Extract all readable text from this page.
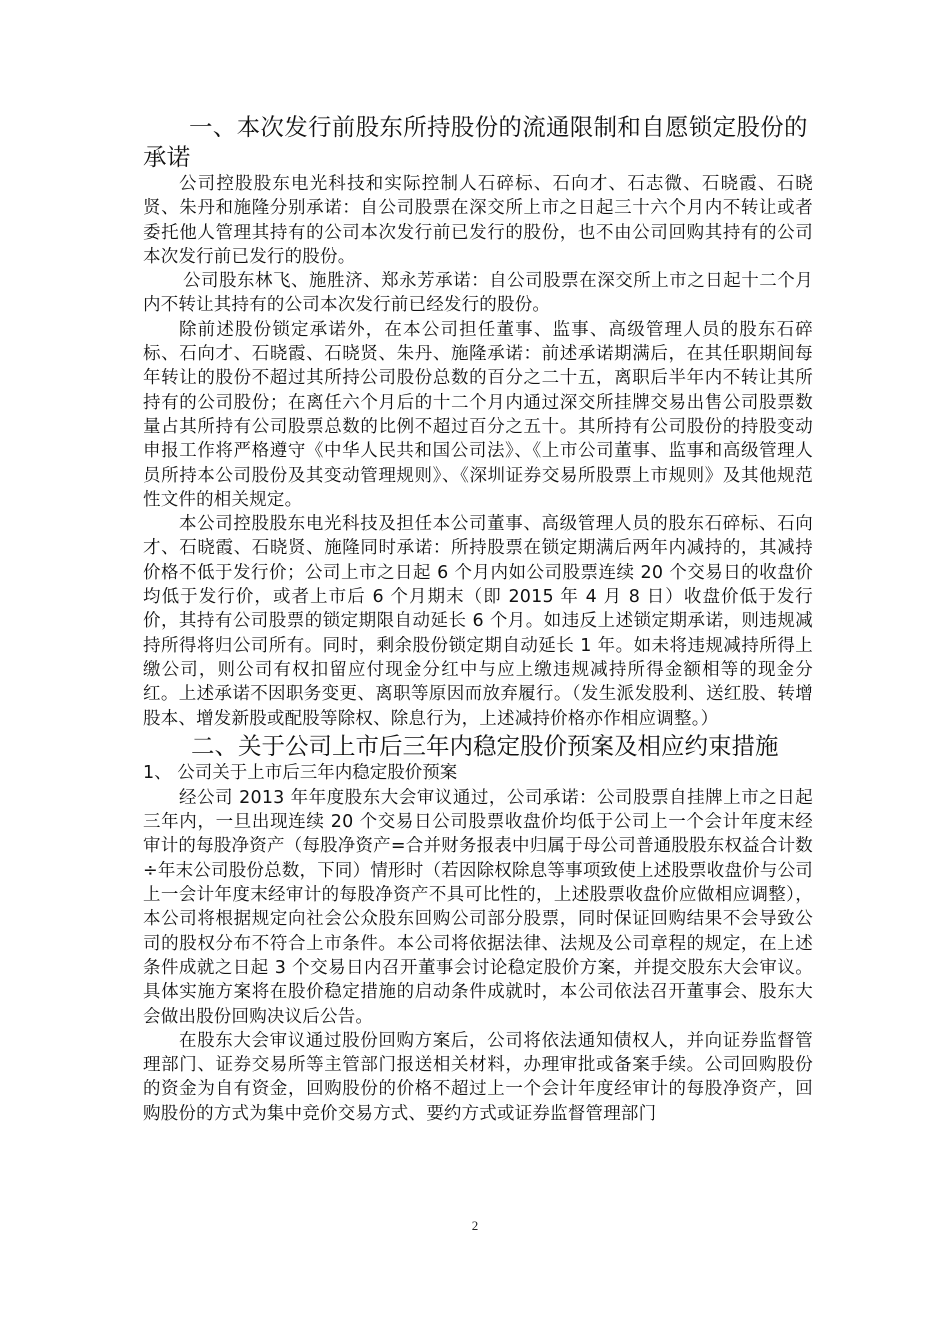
一、本次发行前股东所持股份的流通限制和自愿锁定股份的承诺

公司控股股东电光科技和实际控制人石碎标、石向才、石志微、石晓霞、石晓贤、朱丹和施隆分别承诺：自公司股票在深交所上市之日起三十六个月内不转让或者委托他人管理其持有的公司本次发行前已发行的股份，也不由公司回购其持有的公司本次发行前已发行的股份。

公司股东林飞、施胜济、郑永芳承诺：自公司股票在深交所上市之日起十二个月内不转让其持有的公司本次发行前已经发行的股份。

除前述股份锁定承诺外，在本公司担任董事、监事、高级管理人员的股东石碎标、石向才、石晓霞、石晓贤、朱丹、施隆承诺：前述承诺期满后，在其任职期间每年转让的股份不超过其所持公司股份总数的百分之二十五，离职后半年内不转让其所持有的公司股份；在离任六个月后的十二个月内通过深交所挂牌交易出售公司股票数量占其所持有公司股票总数的比例不超过百分之五十。其所持有公司股份的持股变动申报工作将严格遵守《中华人民共和国公司法》、《上市公司董事、监事和高级管理人员所持本公司股份及其变动管理规则》、《深圳证券交易所股票上市规则》及其他规范性文件的相关规定。

本公司控股股东电光科技及担任本公司董事、高级管理人员的股东石碎标、石向才、石晓霞、石晓贤、施隆同时承诺：所持股票在锁定期满后两年内减持的，其减持价格不低于发行价；公司上市之日起 6 个月内如公司股票连续 20 个交易日的收盘价均低于发行价，或者上市后 6 个月期末（即 2015 年 4 月 8 日）收盘价低于发行价，其持有公司股票的锁定期限自动延长 6 个月。如违反上述锁定期承诺，则违规减持所得将归公司所有。同时，剩余股份锁定期自动延长 1 年。如未将违规减持所得上缴公司，则公司有权扣留应付现金分红中与应上缴违规减持所得金额相等的现金分红。上述承诺不因职务变更、离职等原因而放弃履行。（发生派发股利、送红股、转增股本、增发新股或配股等除权、除息行为，上述减持价格亦作相应调整。）

二、关于公司上市后三年内稳定股价预案及相应约束措施

1、 公司关于上市后三年内稳定股价预案

经公司 2013 年年度股东大会审议通过，公司承诺：公司股票自挂牌上市之日起三年内，一旦出现连续 20 个交易日公司股票收盘价均低于公司上一个会计年度末经审计的每股净资产（每股净资产=合并财务报表中归属于母公司普通股股东权益合计数÷年末公司股份总数，下同）情形时（若因除权除息等事项致使上述股票收盘价与公司上一会计年度末经审计的每股净资产不具可比性的，上述股票收盘价应做相应调整），本公司将根据规定向社会公众股东回购公司部分股票，同时保证回购结果不会导致公司的股权分布不符合上市条件。本公司将依据法律、法规及公司章程的规定，在上述条件成就之日起 3 个交易日内召开董事会讨论稳定股价方案，并提交股东大会审议。具体实施方案将在股价稳定措施的启动条件成就时，本公司依法召开董事会、股东大会做出股份回购决议后公告。

在股东大会审议通过股份回购方案后，公司将依法通知债权人，并向证券监督管理部门、证券交易所等主管部门报送相关材料，办理审批或备案手续。公司回购股份的资金为自有资金，回购股份的价格不超过上一个会计年度经审计的每股净资产，回购股份的方式为集中竞价交易方式、要约方式或证券监督管理部门

2
